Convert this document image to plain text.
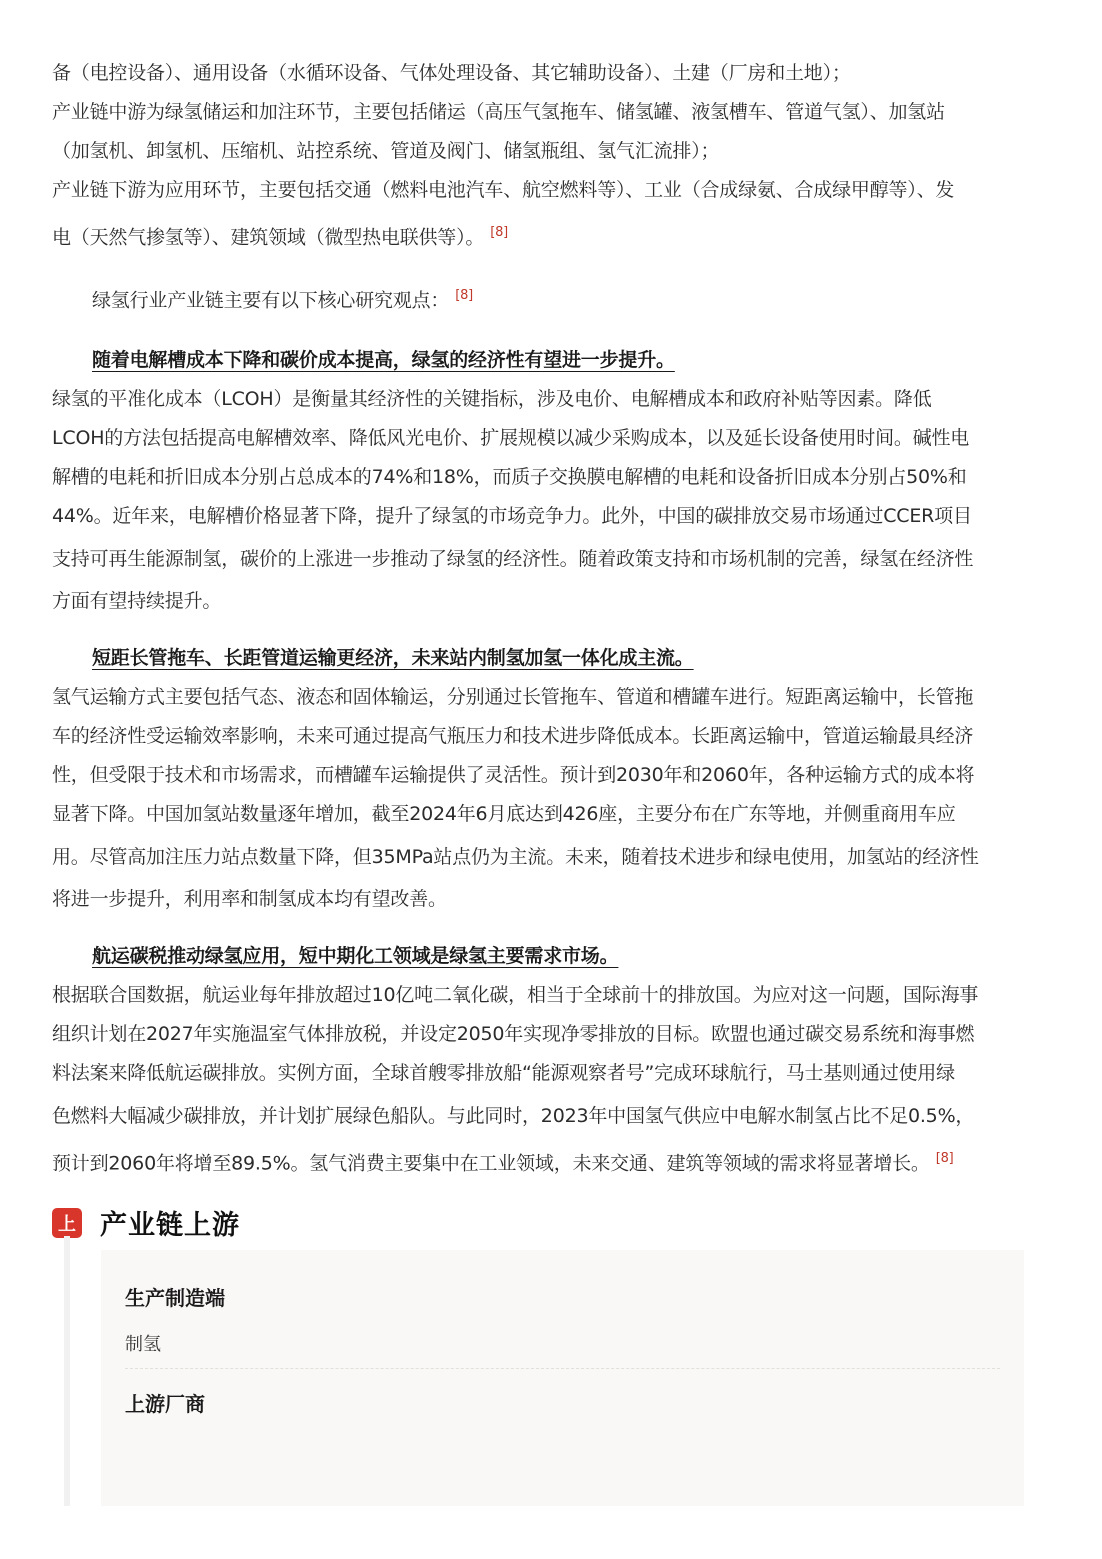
备（电控设备）、通用设备（水循环设备、气体处理设备、其它辅助设备）、土建（厂房和土地）；
产业链中游为绿氢储运和加注环节，主要包括储运（高压气氢拖车、储氢罐、液氢槽车、管道气氢）、加氢站
（加氢机、卸氢机、压缩机、站控系统、管道及阀门、储氢瓶组、氢气汇流排）；
产业链下游为应用环节，主要包括交通（燃料电池汽车、航空燃料等）、工业（合成绿氨、合成绿甲醇等）、发
电（天然气掺氢等）、建筑领域（微型热电联供等）。 [8]
绿氢行业产业链主要有以下核心研究观点： [8]
随着电解槽成本下降和碳价成本提高，绿氢的经济性有望进一步提升。
绿氢的平准化成本（LCOH）是衡量其经济性的关键指标，涉及电价、电解槽成本和政府补贴等因素。降低
LCOH的方法包括提高电解槽效率、降低风光电价、扩展规模以减少采购成本，以及延长设备使用时间。碱性电
解槽的电耗和折旧成本分别占总成本的74%和18%，而质子交换膜电解槽的电耗和设备折旧成本分别占50%和
44%。近年来，电解槽价格显著下降，提升了绿氢的市场竞争力。此外，中国的碳排放交易市场通过CCER项目
支持可再生能源制氢，碳价的上涨进一步推动了绿氢的经济性。随着政策支持和市场机制的完善，绿氢在经济性
方面有望持续提升。
短距长管拖车、长距管道运输更经济，未来站内制氢加氢一体化成主流。
氢气运输方式主要包括气态、液态和固体输运，分别通过长管拖车、管道和槽罐车进行。短距离运输中，长管拖
车的经济性受运输效率影响，未来可通过提高气瓶压力和技术进步降低成本。长距离运输中，管道运输最具经济
性，但受限于技术和市场需求，而槽罐车运输提供了灵活性。预计到2030年和2060年，各种运输方式的成本将
显著下降。中国加氢站数量逐年增加，截至2024年6月底达到426座，主要分布在广东等地，并侧重商用车应
用。尽管高加注压力站点数量下降，但35MPa站点仍为主流。未来，随着技术进步和绿电使用，加氢站的经济性
将进一步提升，利用率和制氢成本均有望改善。
航运碳税推动绿氢应用，短中期化工领域是绿氢主要需求市场。
根据联合国数据，航运业每年排放超过10亿吨二氧化碳，相当于全球前十的排放国。为应对这一问题，国际海事
组织计划在2027年实施温室气体排放税，并设定2050年实现净零排放的目标。欧盟也通过碳交易系统和海事燃
料法案来降低航运碳排放。实例方面，全球首艘零排放船“能源观察者号”完成环球航行，马士基则通过使用绿
色燃料大幅减少碳排放，并计划扩展绿色船队。与此同时，2023年中国氢气供应中电解水制氢占比不足0.5%，
预计到2060年将增至89.5%。氢气消费主要集中在工业领域，未来交通、建筑等领域的需求将显著增长。 [8]
上 产业链上游
生产制造端
制氢
上游厂商
